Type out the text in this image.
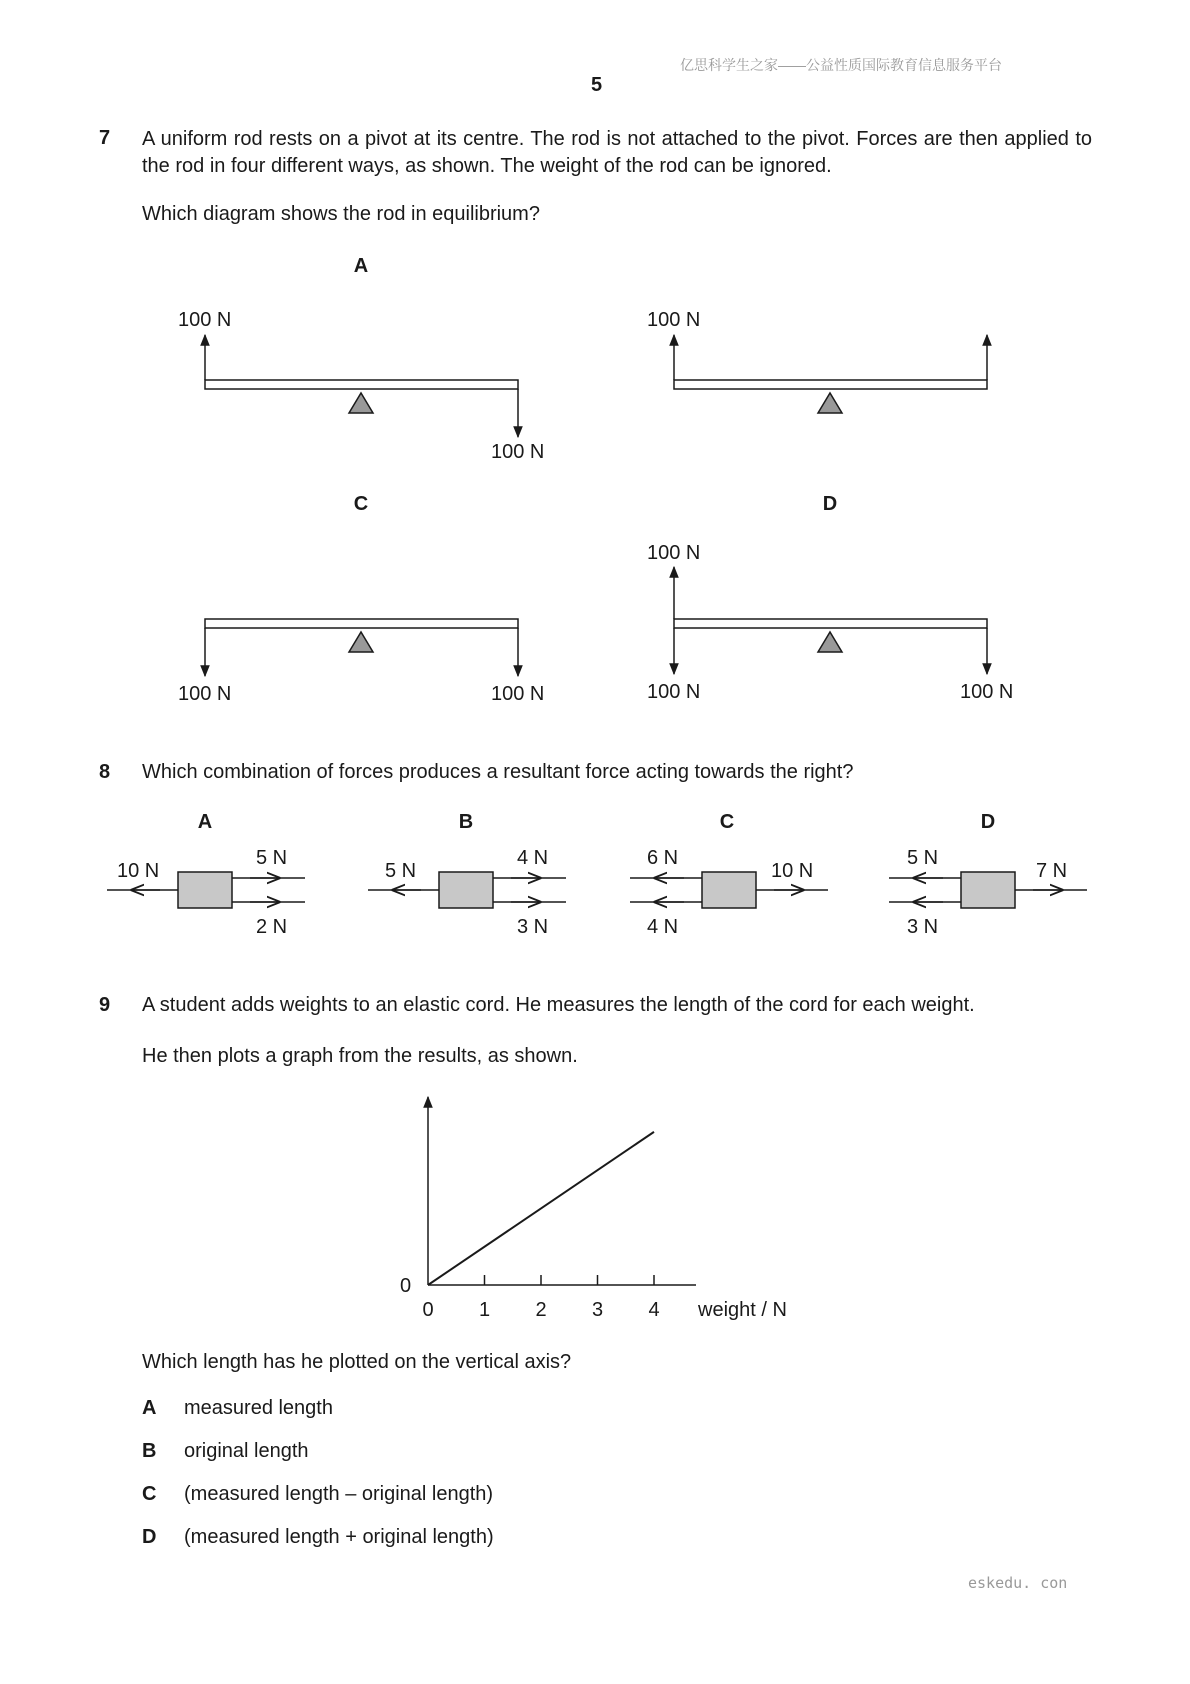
亿思科学生之家——公益性质国际教育信息服务平台
5
7 A uniform rod rests on a pivot at its centre. The rod is not attached to the pivot. Forces are then applied to the rod in four different ways, as shown. The weight of the rod can be ignored.
Which diagram shows the rod in equilibrium?
A
100 N
100 N
100 N
C
100 N	100 N
D
100 N
100 N	100 N
8 Which combination of forces produces a resultant force acting towards the right?
A
10 N
5 N
2 N
B
5 N
4 N
3 N
C
6 N
4 N
10 N
D
5 N
3 N
7 N
9 A student adds weights to an elastic cord. He measures the length of the cord for each weight.
He then plots a graph from the results, as shown.
0 1 2 3 4
0
weight / N
Which length has he plotted on the vertical axis?
A measured length
B original length
C (measured length – original length)
D (measured length + original length)
eskedu. con
